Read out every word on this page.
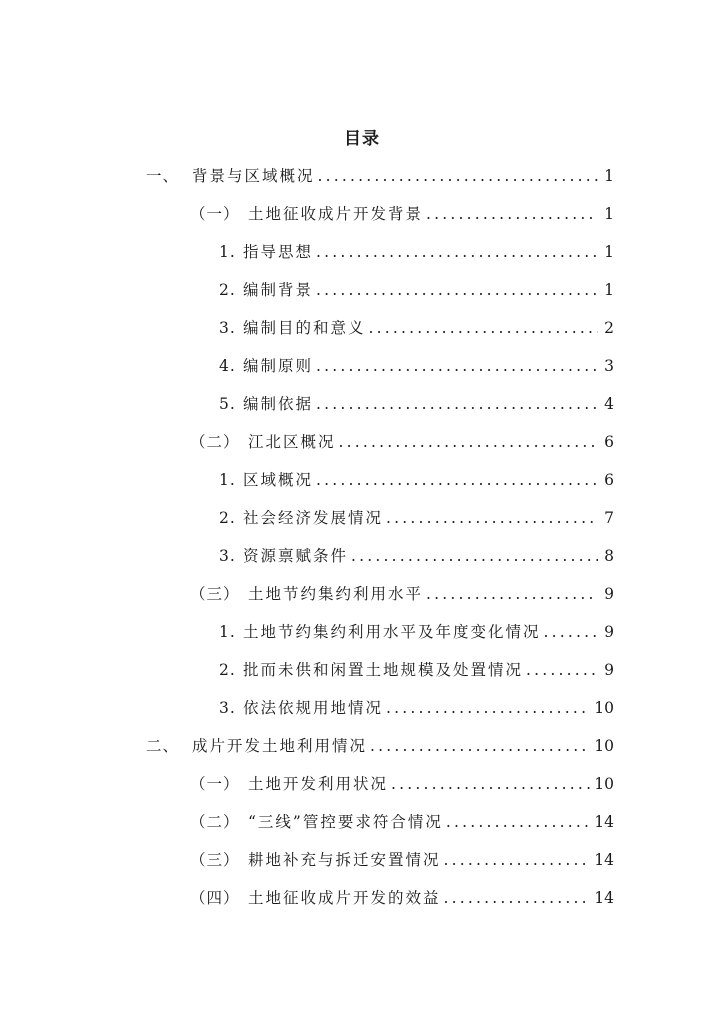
目录
一、 背景与区域概况 .....	1
（一） 土地征收成片开发背景 .....	1
1. 指导思想 .....	1
2. 编制背景 .....	1
3. 编制目的和意义 .....	2
4. 编制原则 .....	3
5. 编制依据 .....	4
（二） 江北区概况 .....	6
1. 区域概况 .....	6
2. 社会经济发展情况 .....	7
3. 资源禀赋条件 .....	8
（三） 土地节约集约利用水平 .....	9
1. 土地节约集约利用水平及年度变化情况 .....	9
2. 批而未供和闲置土地规模及处置情况 .....	9
3. 依法依规用地情况 .....	10
二、 成片开发土地利用情况 .....	10
（一） 土地开发利用状况 .....	10
（二） “三线”管控要求符合情况 .....	14
（三） 耕地补充与拆迁安置情况 .....	14
（四） 土地征收成片开发的效益 .....	14
